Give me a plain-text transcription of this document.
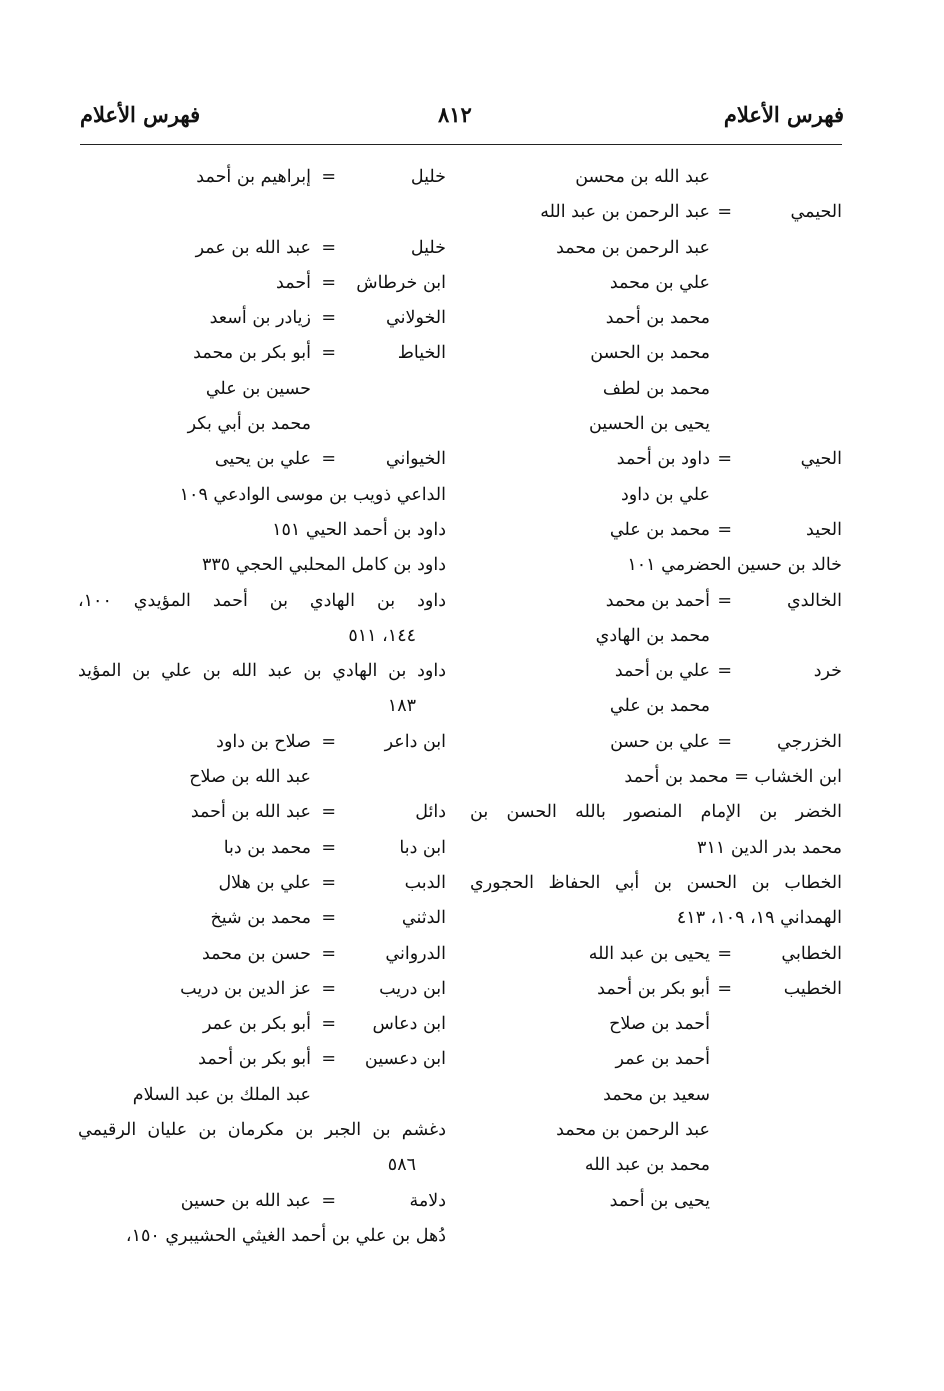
فهرس الأعلام
٨١٢
فهرس الأعلام
عبد الله بن محسن
الحيمي
=
عبد الرحمن بن عبد الله
عبد الرحمن بن محمد
علي بن محمد
محمد بن أحمد
محمد بن الحسن
محمد بن لطف
يحيى بن الحسين
الحيي
=
داود بن أحمد
علي بن داود
الحيد
=
محمد بن علي
خالد بن حسين الحضرمي ١٠١
الخالدي
=
أحمد بن محمد
محمد بن الهادي
خرد
=
علي بن أحمد
محمد بن علي
الخزرجي
=
علي بن حسن
ابن الخشاب = محمد بن أحمد
الخضر بن الإمام المنصور بالله الحسن بن
محمد بدر الدين ٣١١
الخطاب بن الحسن بن أبي الحفاظ الحجوري
الهمداني ١٩، ١٠٩، ٤١٣
الخطابي
=
يحيى بن عبد الله
الخطيب
=
أبو بكر بن أحمد
أحمد بن صلاح
أحمد بن عمر
سعيد بن محمد
عبد الرحمن بن محمد
محمد بن عبد الله
يحيى بن أحمد
خليل
=
إبراهيم بن أحمد
خليل
=
عبد الله بن عمر
ابن خرطاش
=
أحمد
الخولاني
=
زيادر بن أسعد
الخياط
=
أبو بكر بن محمد
حسين بن علي
محمد بن أبي بكر
الخيواني
=
علي بن يحيى
الداعي ذويب بن موسى الوادعي ١٠٩
داود بن أحمد الحيي ١٥١
داود بن كامل المحلبي الحجي ٣٣٥
داود بن الهادي بن أحمد المؤيدي ١٠٠،
١٤٤، ٥١١
داود بن الهادي بن عبد الله بن علي بن المؤيد
١٨٣
ابن داعر
=
صلاح بن داود
عبد الله بن صلاح
دائل
=
عبد الله بن أحمد
ابن دبا
=
محمد بن دبا
الدبب
=
علي بن هلال
الدثني
=
محمد بن شيخ
الدرواني
=
حسن بن محمد
ابن دريب
=
عز الدين بن دريب
ابن دعاس
=
أبو بكر بن عمر
ابن دعسين
=
أبو بكر بن أحمد
عبد الملك بن عبد السلام
دغشم بن الجبر بن مكرمان بن عليان الرقيمي
٥٨٦
دلامة
=
عبد الله بن حسين
دُهل بن علي بن أحمد الغيثي الحشيبري ١٥٠،
